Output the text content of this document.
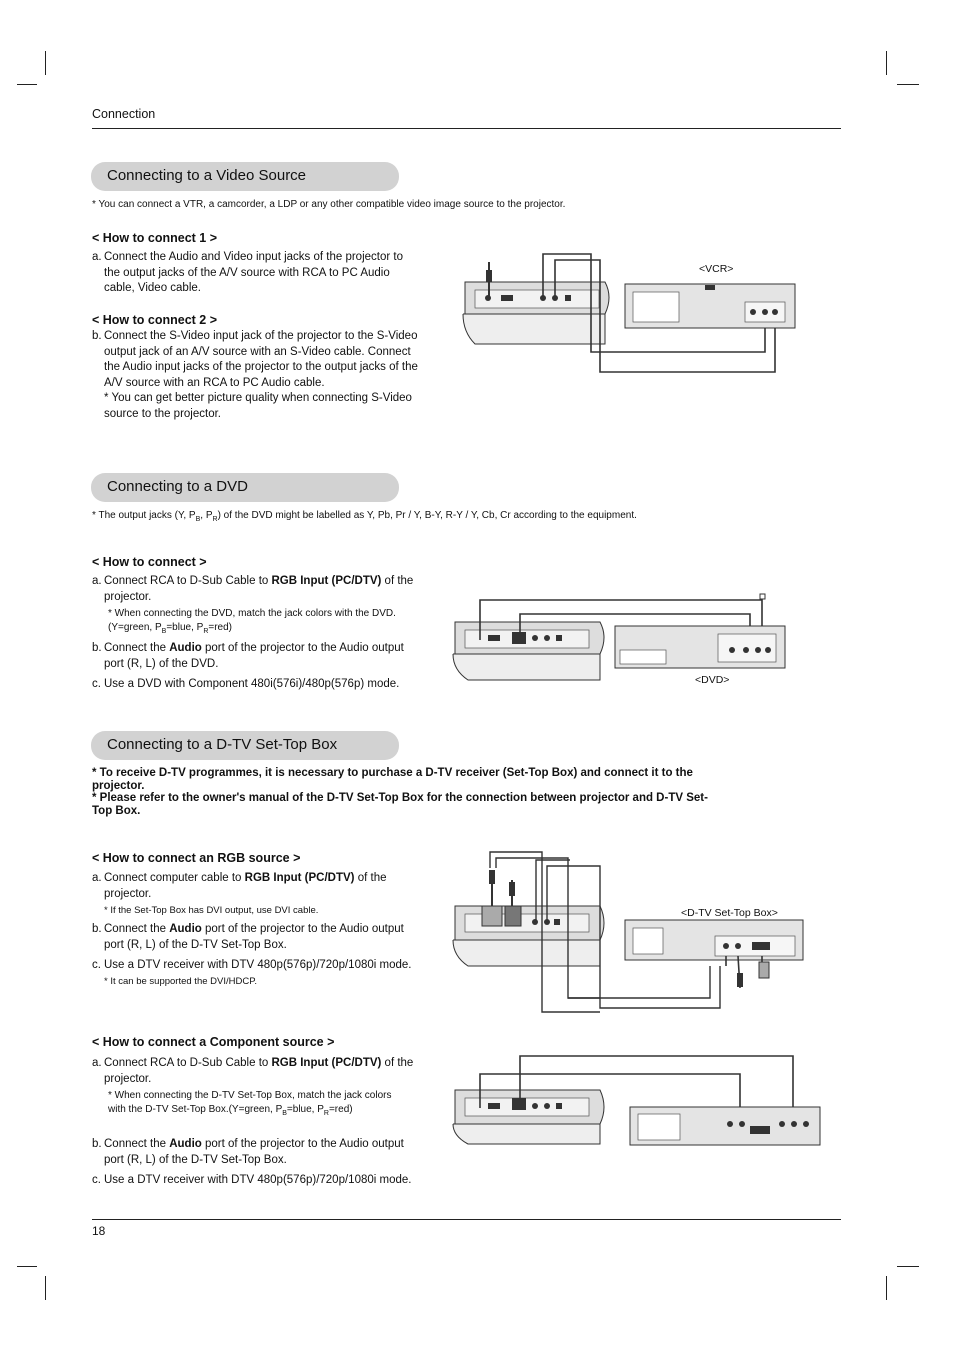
Connection
Connecting to a Video Source
* You can connect a VTR, a camcorder, a LDP or any other compatible video image source to the projector.
< How to connect 1 >
a. Connect the Audio and Video input jacks of the projector to the output jacks of the A/V source with RCA to PC Audio cable, Video cable.
< How to connect 2 >
b. Connect the S-Video input jack of the projector to the S-Video output jack of an A/V source with an S-Video cable. Connect the Audio input jacks of the projector to the output jacks of the A/V source with an RCA to PC Audio cable.
* You can get better picture quality when connecting S-Video source to the projector.
<VCR>
Connecting to a DVD
* The output jacks (Y, $P_B$, $P_R$) of the DVD might be labelled as Y, Pb, Pr / Y, B-Y, R-Y / Y, Cb, Cr according to the equipment.
< How to connect >
a. Connect RCA to D-Sub Cable to RGB Input (PC/DTV) of the projector.
* When connecting the DVD, match the jack colors with the DVD.(Y=green, $P_B=blue$, $P_R=red$)
b. Connect the Audio port of the projector to the Audio output port (R, L) of the DVD.
c. Use a DVD with Component 480i(576i)/480p(576p) mode.	<DVD>
Connecting to a D-TV Set-Top Box
* To receive D-TV programmes, it is necessary to purchase a D-TV receiver (Set-Top Box) and connect it to the projector.
* Please refer to the owner's manual of the D-TV Set-Top Box for the connection between projector and D-TV Set-Top Box.
< How to connect an RGB source >
a. Connect computer cable to RGB Input (PC/DTV) of the projector.
* If the Set-Top Box has DVI output, use DVI cable.
b. Connect the Audio port of the projector to the Audio output port (R, L) of the D-TV Set-Top Box.
c. Use a DTV receiver with DTV 480p(576p)/720p/1080i mode.
* It can be supported the DVI/HDCP.
<D-TV Set-Top Box>
< How to connect a Component source >
a. Connect RCA to D-Sub Cable to RGB Input (PC/DTV) of the projector.
* When connecting the D-TV Set-Top Box, match the jack colors with the D-TV Set-Top Box.(Y=green, $P_B=blue$, $P_R=red$)
b. Connect the Audio port of the projector to the Audio output port (R, L) of the D-TV Set-Top Box.
c. Use a DTV receiver with DTV 480p(576p)/720p/1080i mode.
18
